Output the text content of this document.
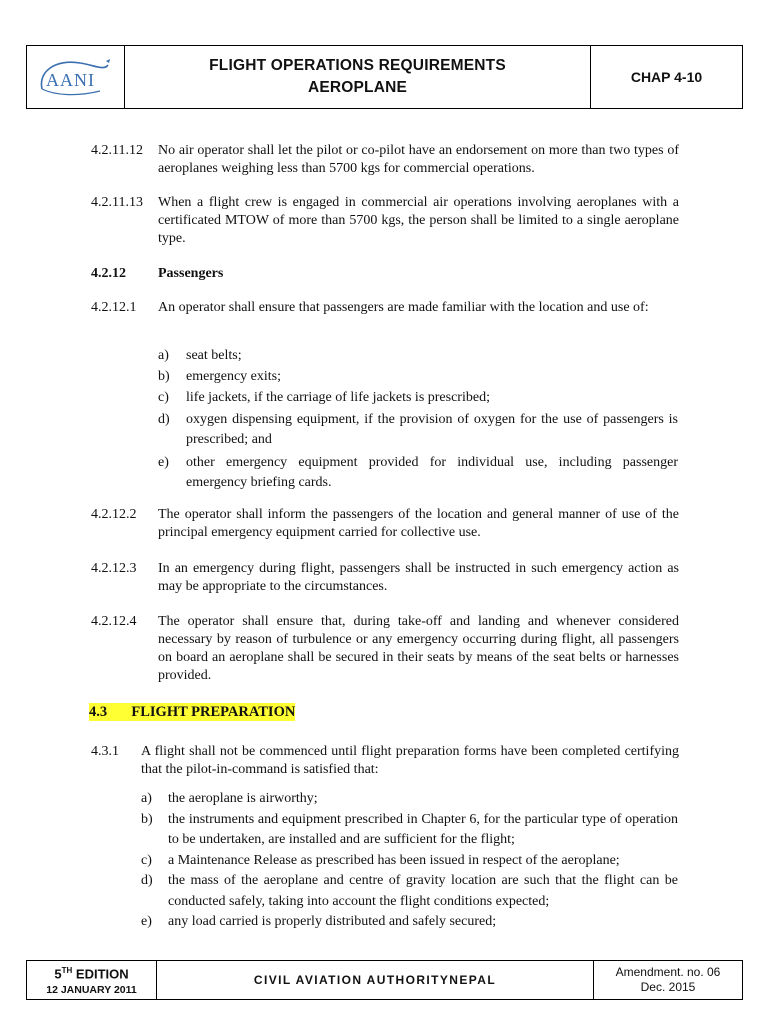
AANI
FLIGHT OPERATIONS REQUIREMENTS
AEROPLANE
CHAP 4-10
4.2.11.12 No air operator shall let the pilot or co-pilot have an endorsement on more than two types of aeroplanes weighing less than 5700 kgs for commercial operations.
4.2.11.13 When a flight crew is engaged in commercial air operations involving aeroplanes with a certificated MTOW of more than 5700 kgs, the person shall be limited to a single aeroplane type.
4.2.12 Passengers
4.2.12.1 An operator shall ensure that passengers are made familiar with the location and use of:
a) seat belts;
b) emergency exits;
c) life jackets, if the carriage of life jackets is prescribed;
d) oxygen dispensing equipment, if the provision of oxygen for the use of passengers is prescribed; and
e) other emergency equipment provided for individual use, including passenger emergency briefing cards.
4.2.12.2 The operator shall inform the passengers of the location and general manner of use of the principal emergency equipment carried for collective use.
4.2.12.3 In an emergency during flight, passengers shall be instructed in such emergency action as may be appropriate to the circumstances.
4.2.12.4 The operator shall ensure that, during take-off and landing and whenever considered necessary by reason of turbulence or any emergency occurring during flight, all passengers on board an aeroplane shall be secured in their seats by means of the seat belts or harnesses provided.
4.3 FLIGHT PREPARATION
4.3.1 A flight shall not be commenced until flight preparation forms have been completed certifying that the pilot-in-command is satisfied that:
a) the aeroplane is airworthy;
b) the instruments and equipment prescribed in Chapter 6, for the particular type of operation to be undertaken, are installed and are sufficient for the flight;
c) a Maintenance Release as prescribed has been issued in respect of the aeroplane;
d) the mass of the aeroplane and centre of gravity location are such that the flight can be conducted safely, taking into account the flight conditions expected;
e) any load carried is properly distributed and safely secured;
5TH EDITION
12 JANUARY 2011
CIVIL AVIATION AUTHORITYNEPAL
Amendment. no. 06
Dec. 2015
